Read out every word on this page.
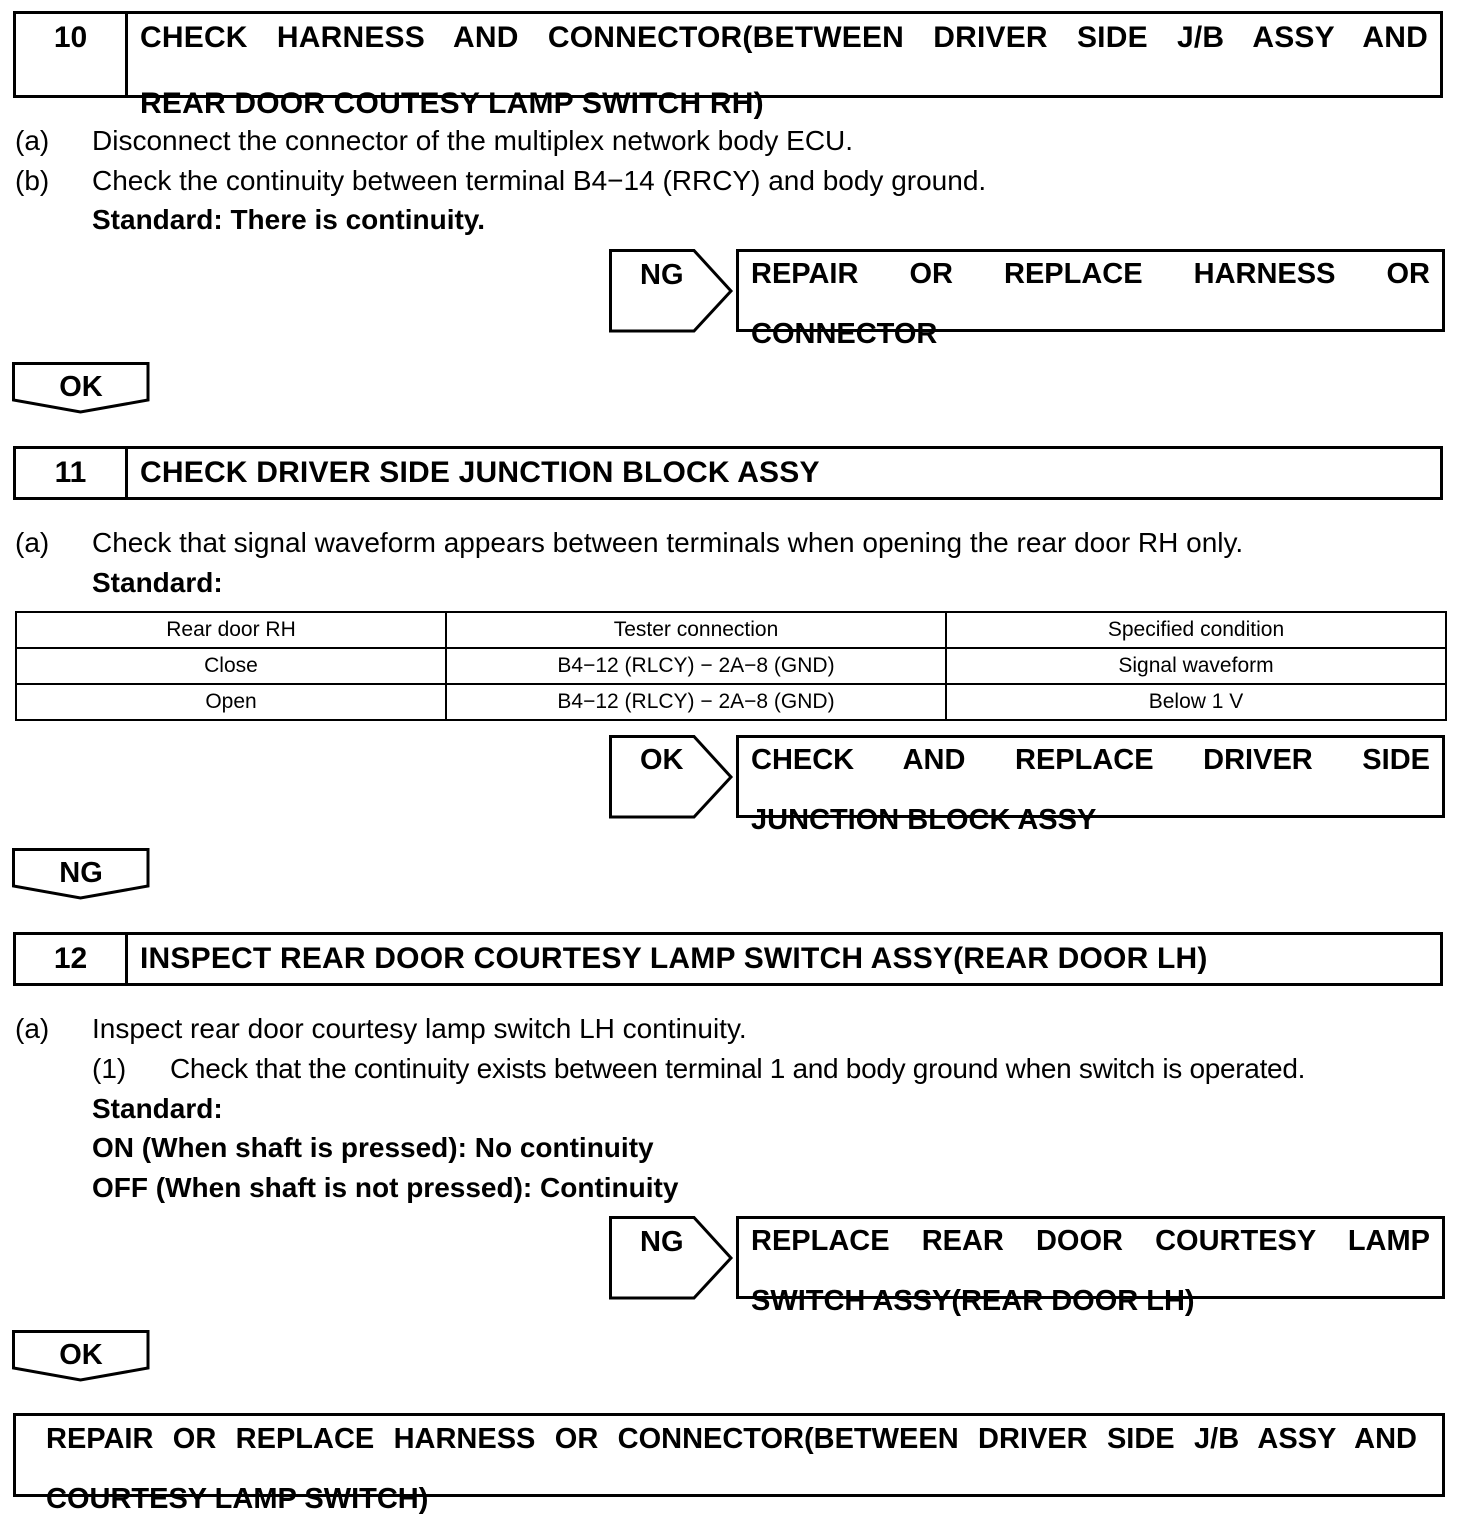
10	CHECK HARNESS AND CONNECTOR(BETWEEN DRIVER SIDE J/B ASSY AND
REAR DOOR COUTESY LAMP SWITCH RH)
(a) Disconnect the connector of the multiplex network body ECU.
(b) Check the continuity between terminal B4−14 (RRCY) and body ground.
Standard: There is continuity.
NG REPAIR OR REPLACE HARNESS OR
CONNECTOR
OK
11	CHECK DRIVER SIDE JUNCTION BLOCK ASSY
(a) Check that signal waveform appears between terminals when opening the rear door RH only.
Standard:
Rear door RH	Tester connection	Specified condition
Close	B4−12 (RLCY) − 2A−8 (GND)	Signal waveform
Open	B4−12 (RLCY) − 2A−8 (GND)	Below 1 V
OK CHECK AND REPLACE DRIVER SIDE
JUNCTION BLOCK ASSY
NG
12	INSPECT REAR DOOR COURTESY LAMP SWITCH ASSY(REAR DOOR LH)
(a) Inspect rear door courtesy lamp switch LH continuity.
(1) Check that the continuity exists between terminal 1 and body ground when switch is operated.
Standard:
ON (When shaft is pressed): No continuity
OFF (When shaft is not pressed): Continuity
NG REPLACE REAR DOOR COURTESY LAMP
SWITCH ASSY(REAR DOOR LH)
OK
REPAIR OR REPLACE HARNESS OR CONNECTOR(BETWEEN DRIVER SIDE J/B ASSY AND
COURTESY LAMP SWITCH)
